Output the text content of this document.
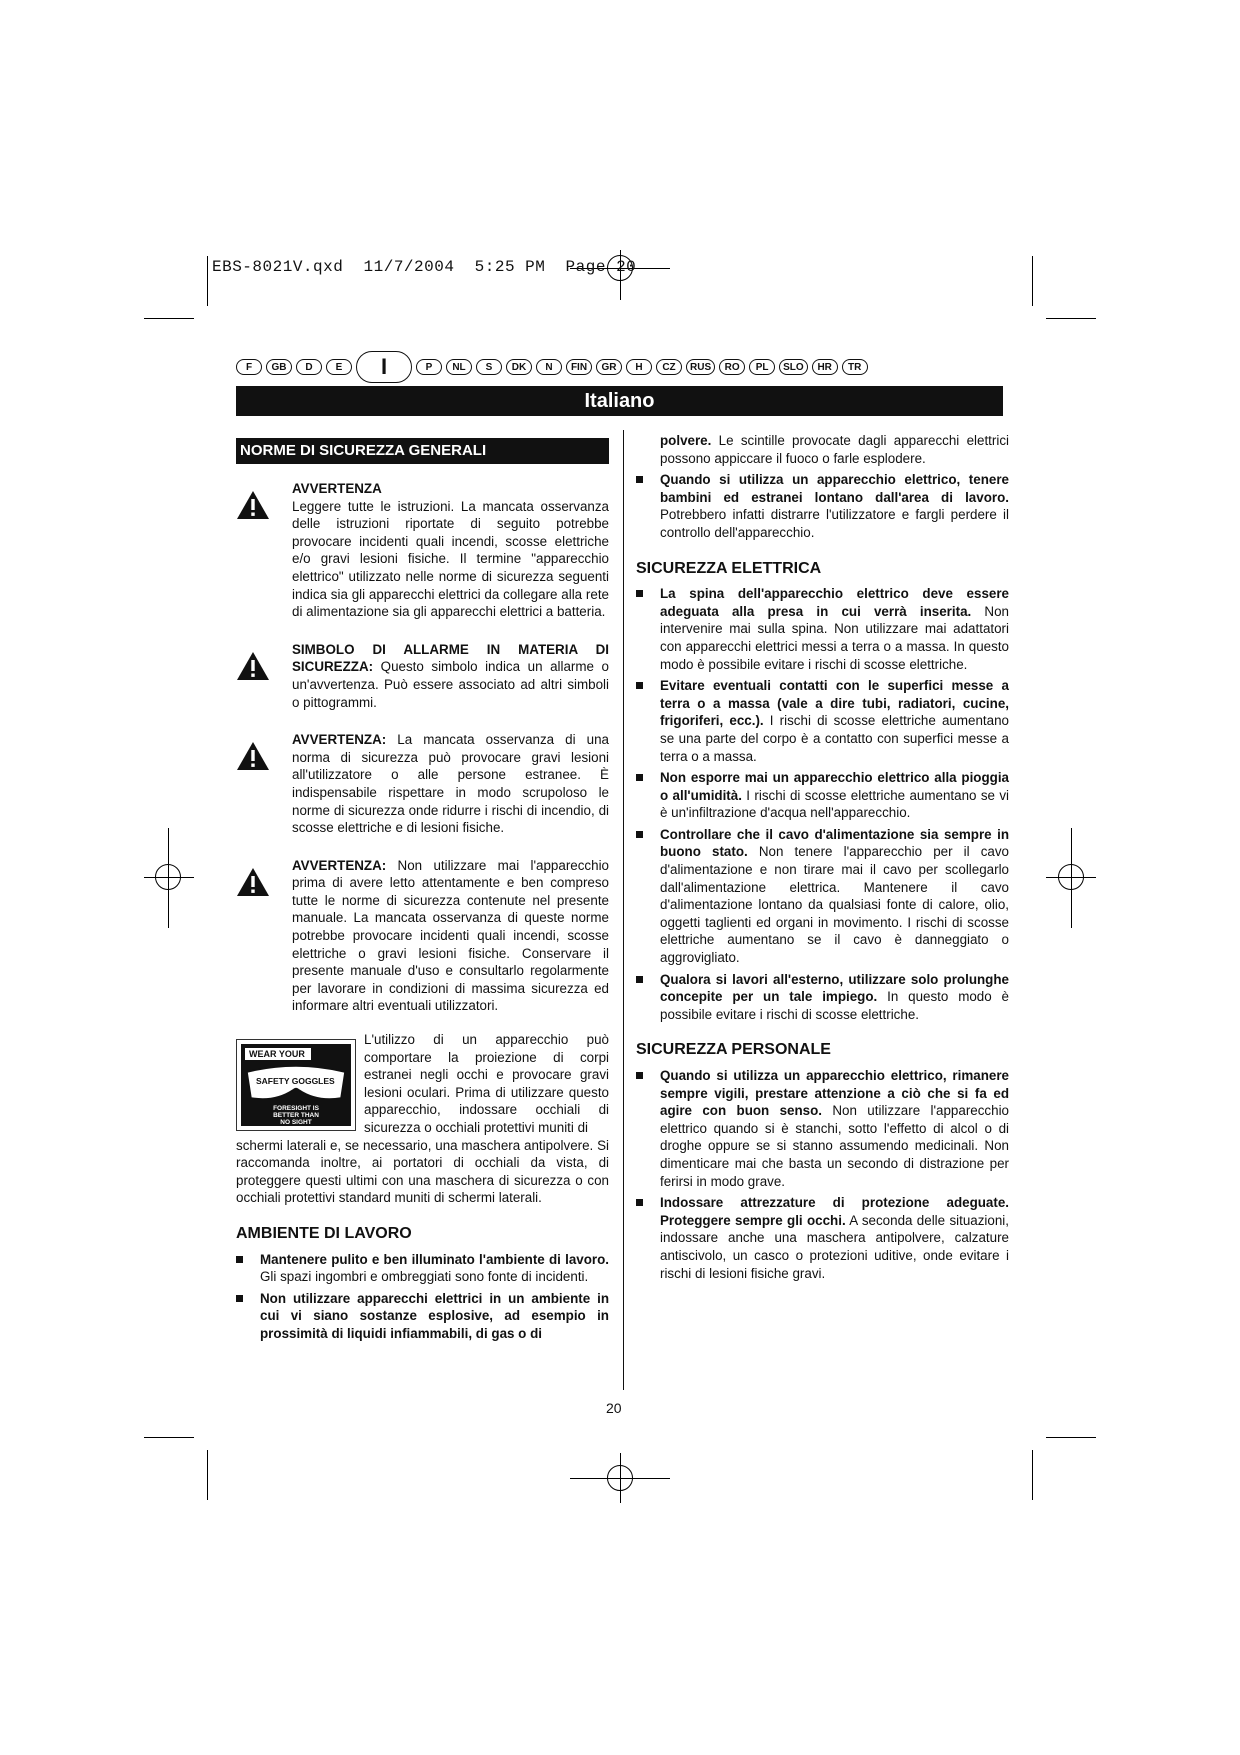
EBS-8021V.qxd  11/7/2004  5:25 PM  Page 20
F	GB	D	E	I	P	NL	S	DK	N	FIN	GR	H	CZ	RUS	RO	PL	SLO	HR	TR
Italiano
NORME DI SICUREZZA GENERALI
AVVERTENZA

Leggere tutte le istruzioni. La mancata osservanza delle istruzioni riportate di seguito potrebbe provocare incidenti quali incendi, scosse elettriche e/o gravi lesioni fisiche. Il termine "apparecchio elettrico" utilizzato nelle norme di sicurezza seguenti indica sia gli apparecchi elettrici da collegare alla rete di alimentazione sia gli apparecchi elettrici a batteria.

SIMBOLO DI ALLARME IN MATERIA DI SICUREZZA: Questo simbolo indica un allarme o un'avvertenza. Può essere associato ad altri simboli o pittogrammi.

AVVERTENZA: La mancata osservanza di una norma di sicurezza può provocare gravi lesioni all'utilizzatore o alle persone estranee. È indispensabile rispettare in modo scrupoloso le norme di sicurezza onde ridurre i rischi di incendio, di scosse elettriche e di lesioni fisiche.

AVVERTENZA: Non utilizzare mai l'apparecchio prima di avere letto attentamente e ben compreso tutte le norme di sicurezza contenute nel presente manuale. La mancata osservanza di queste norme potrebbe provocare incidenti quali incendi, scosse elettriche o gravi lesioni fisiche. Conservare il presente manuale d'uso e consultarlo regolarmente per lavorare in condizioni di massima sicurezza ed informare altri eventuali utilizzatori.

WEAR YOUR
SAFETY GOGGLES
FORESIGHT IS
BETTER THAN
NO SIGHT

L'utilizzo di un apparecchio può comportare la proiezione di corpi estranei negli occhi e provocare gravi lesioni oculari. Prima di utilizzare questo apparecchio, indossare occhiali di sicurezza o occhiali protettivi muniti di

schermi laterali e, se necessario, una maschera antipolvere. Si raccomanda inoltre, ai portatori di occhiali da vista, di proteggere questi ultimi con una maschera di sicurezza o con occhiali protettivi standard muniti di schermi laterali.

AMBIENTE DI LAVORO

Mantenere pulito e ben illuminato l'ambiente di lavoro. Gli spazi ingombri e ombreggiati sono fonte di incidenti.

Non utilizzare apparecchi elettrici in un ambiente in cui vi siano sostanze esplosive, ad esempio in prossimità di liquidi infiammabili, di gas o di

polvere. Le scintille provocate dagli apparecchi elettrici possono appiccare il fuoco o farle esplodere.

Quando si utilizza un apparecchio elettrico, tenere bambini ed estranei lontano dall'area di lavoro. Potrebbero infatti distrarre l'utilizzatore e fargli perdere il controllo dell'apparecchio.

SICUREZZA ELETTRICA

La spina dell'apparecchio elettrico deve essere adeguata alla presa in cui verrà inserita. Non intervenire mai sulla spina. Non utilizzare mai adattatori con apparecchi elettrici messi a terra o a massa. In questo modo è possibile evitare i rischi di scosse elettriche.

Evitare eventuali contatti con le superfici messe a terra o a massa (vale a dire tubi, radiatori, cucine, frigoriferi, ecc.). I rischi di scosse elettriche aumentano se una parte del corpo è a contatto con superfici messe a terra o a massa.

Non esporre mai un apparecchio elettrico alla pioggia o all'umidità. I rischi di scosse elettriche aumentano se vi è un'infiltrazione d'acqua nell'apparecchio.

Controllare che il cavo d'alimentazione sia sempre in buono stato. Non tenere l'apparecchio per il cavo d'alimentazione e non tirare mai il cavo per scollegarlo dall'alimentazione elettrica. Mantenere il cavo d'alimentazione lontano da qualsiasi fonte di calore, olio, oggetti taglienti ed organi in movimento. I rischi di scosse elettriche aumentano se il cavo è danneggiato o aggrovigliato.

Qualora si lavori all'esterno, utilizzare solo prolunghe concepite per un tale impiego. In questo modo è possibile evitare i rischi di scosse elettriche.

SICUREZZA PERSONALE

Quando si utilizza un apparecchio elettrico, rimanere sempre vigili, prestare attenzione a ciò che si fa ed agire con buon senso. Non utilizzare l'apparecchio elettrico quando si è stanchi, sotto l'effetto di alcol o di droghe oppure se si stanno assumendo medicinali. Non dimenticare mai che basta un secondo di distrazione per ferirsi in modo grave.

Indossare attrezzature di protezione adeguate. Proteggere sempre gli occhi. A seconda delle situazioni, indossare anche una maschera antipolvere, calzature antiscivolo, un casco o protezioni uditive, onde evitare i rischi di lesioni fisiche gravi.

20
